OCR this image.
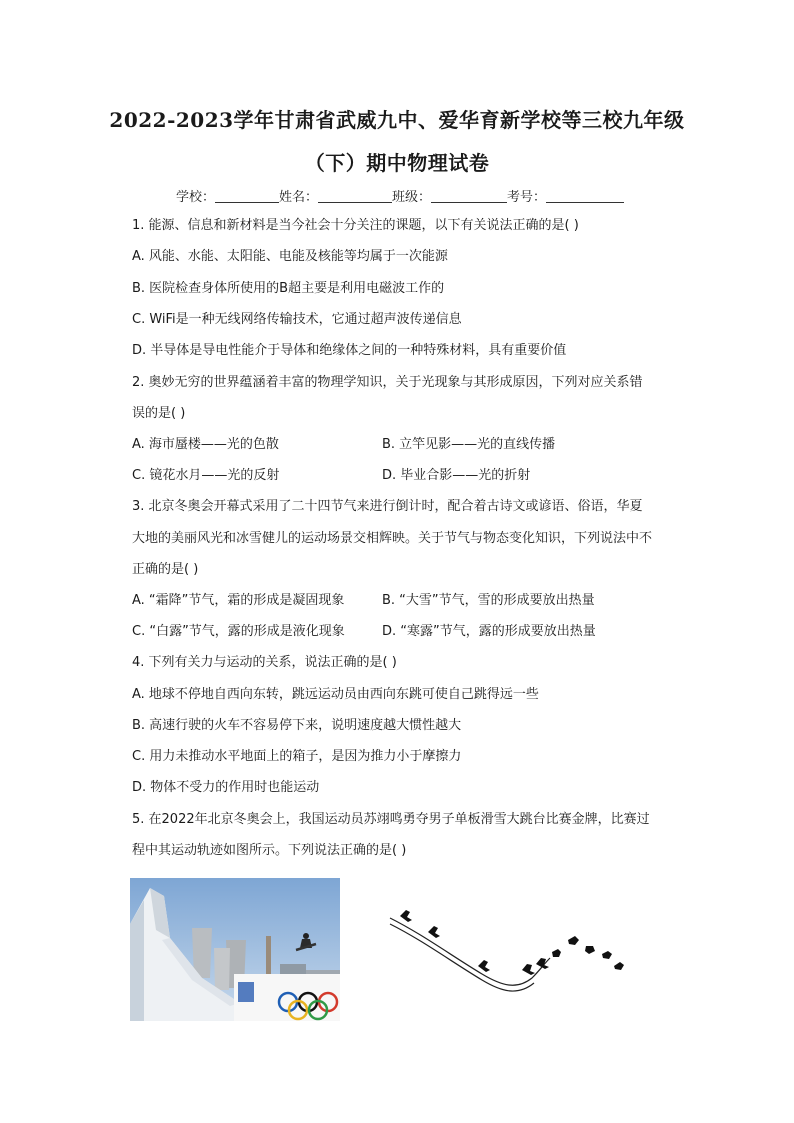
2022-2023学年甘肃省武威九中、爱华育新学校等三校九年级
（下）期中物理试卷
学校：	姓名：	班级：	考号：
1. 能源、信息和新材料是当今社会十分关注的课题，以下有关说法正确的是( )
A. 风能、水能、太阳能、电能及核能等均属于一次能源
B. 医院检查身体所使用的B超主要是利用电磁波工作的
C. WiFi是一种无线网络传输技术，它通过超声波传递信息
D. 半导体是导电性能介于导体和绝缘体之间的一种特殊材料，具有重要价值
2. 奥妙无穷的世界蕴涵着丰富的物理学知识，关于光现象与其形成原因，下列对应关系错
误的是( )
A. 海市蜃楼——光的色散	B. 立竿见影——光的直线传播
C. 镜花水月——光的反射	D. 毕业合影——光的折射
3. 北京冬奥会开幕式采用了二十四节气来进行倒计时，配合着古诗文或谚语、俗语，华夏
大地的美丽风光和冰雪健儿的运动场景交相辉映。关于节气与物态变化知识，下列说法中不
正确的是( )
A. “霜降”节气，霜的形成是凝固现象	B. “大雪”节气，雪的形成要放出热量
C. “白露”节气，露的形成是液化现象	D. “寒露”节气，露的形成要放出热量
4. 下列有关力与运动的关系，说法正确的是( )
A. 地球不停地自西向东转，跳远运动员由西向东跳可使自己跳得远一些
B. 高速行驶的火车不容易停下来，说明速度越大惯性越大
C. 用力未推动水平地面上的箱子，是因为推力小于摩擦力
D. 物体不受力的作用时也能运动
5. 在2022年北京冬奥会上，我国运动员苏翊鸣勇夺男子单板滑雪大跳台比赛金牌，比赛过
程中其运动轨迹如图所示。下列说法正确的是( )
